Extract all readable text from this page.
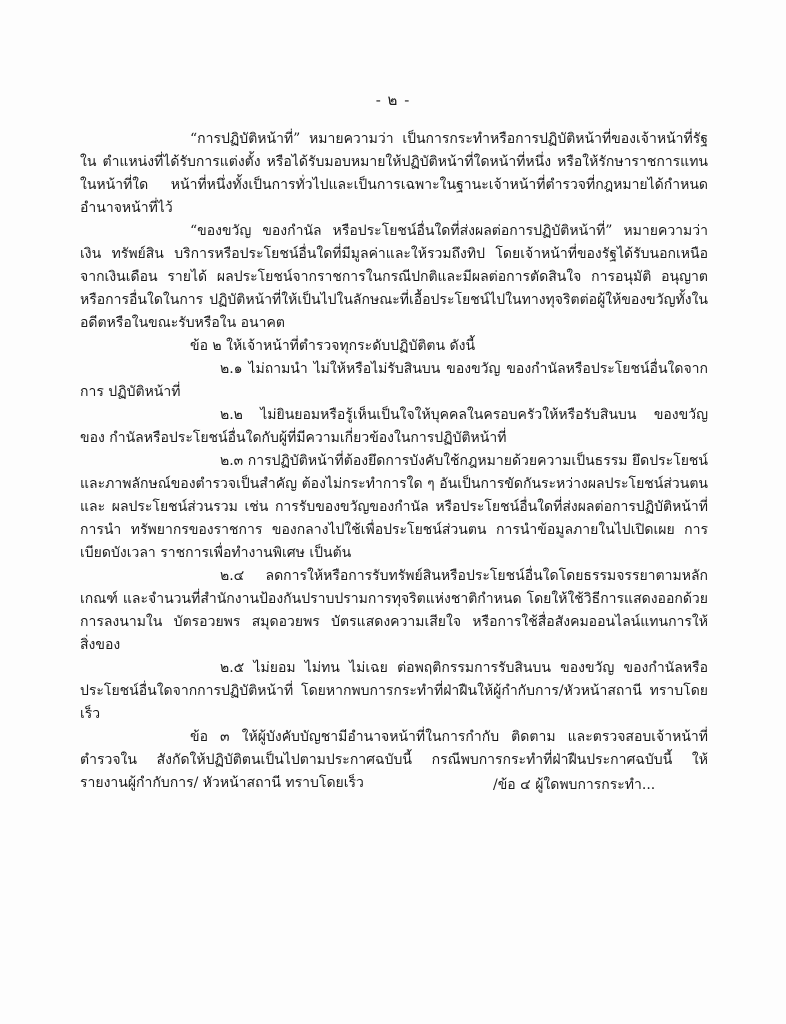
- ๒ -

“การปฏิบัติหน้าที่” หมายความว่า เป็นการกระทำหรือการปฏิบัติหน้าที่ของเจ้าหน้าที่รัฐใน ตำแหน่งที่ได้รับการแต่งตั้ง หรือได้รับมอบหมายให้ปฏิบัติหน้าที่ใดหน้าที่หนึ่ง หรือให้รักษาราชการแทนในหน้าที่ใด หน้าที่หนึ่งทั้งเป็นการทั่วไปและเป็นการเฉพาะในฐานะเจ้าหน้าที่ตำรวจที่กฎหมายได้กำหนดอำนาจหน้าที่ไว้

“ของขวัญ ของกำนัล หรือประโยชน์อื่นใดที่ส่งผลต่อการปฏิบัติหน้าที่” หมายความว่า เงิน ทรัพย์สิน บริการหรือประโยชน์อื่นใดที่มีมูลค่าและให้รวมถึงทิป โดยเจ้าหน้าที่ของรัฐได้รับนอกเหนือจากเงินเดือน รายได้ ผลประโยชน์จากราชการในกรณีปกติและมีผลต่อการตัดสินใจ การอนุมัติ อนุญาต หรือการอื่นใดในการ ปฏิบัติหน้าที่ให้เป็นไปในลักษณะที่เอื้อประโยชน์ไปในทางทุจริตต่อผู้ให้ของขวัญทั้งในอดีตหรือในขณะรับหรือใน อนาคต

ข้อ ๒ ให้เจ้าหน้าที่ตำรวจทุกระดับปฏิบัติตน ดังนี้

๒.๑ ไม่ถามนำ ไม่ให้หรือไม่รับสินบน ของขวัญ ของกำนัลหรือประโยชน์อื่นใดจากการ ปฏิบัติหน้าที่

๒.๒ ไม่ยินยอมหรือรู้เห็นเป็นใจให้บุคคลในครอบครัวให้หรือรับสินบน ของขวัญ ของ กำนัลหรือประโยชน์อื่นใดกับผู้ที่มีความเกี่ยวข้องในการปฏิบัติหน้าที่

๒.๓ การปฏิบัติหน้าที่ต้องยึดการบังคับใช้กฎหมายด้วยความเป็นธรรม ยึดประโยชน์ และภาพลักษณ์ของตำรวจเป็นสำคัญ ต้องไม่กระทำการใด ๆ อันเป็นการขัดกันระหว่างผลประโยชน์ส่วนตนและ ผลประโยชน์ส่วนรวม เช่น การรับของขวัญของกำนัล หรือประโยชน์อื่นใดที่ส่งผลต่อการปฏิบัติหน้าที่การนำ ทรัพยากรของราชการ ของกลางไปใช้เพื่อประโยชน์ส่วนตน การนำข้อมูลภายในไปเปิดเผย การเบียดบังเวลา ราชการเพื่อทำงานพิเศษ เป็นต้น

๒.๔ ลดการให้หรือการรับทรัพย์สินหรือประโยชน์อื่นใดโดยธรรมจรรยาตามหลักเกณฑ์ และจำนวนที่สำนักงานป้องกันปราบปรามการทุจริตแห่งชาติกำหนด โดยให้ใช้วิธีการแสดงออกด้วยการลงนามใน บัตรอวยพร สมุดอวยพร บัตรแสดงความเสียใจ หรือการใช้สื่อสังคมออนไลน์แทนการให้สิ่งของ

๒.๕ ไม่ยอม ไม่ทน ไม่เฉย ต่อพฤติกรรมการรับสินบน ของขวัญ ของกำนัลหรือ ประโยชน์อื่นใดจากการปฏิบัติหน้าที่ โดยหากพบการกระทำที่ฝ่าฝืนให้ผู้กำกับการ/หัวหน้าสถานี ทราบโดยเร็ว

ข้อ ๓ ให้ผู้บังคับบัญชามีอำนาจหน้าที่ในการกำกับ ติดตาม และตรวจสอบเจ้าหน้าที่ตำรวจใน สังกัดให้ปฏิบัติตนเป็นไปตามประกาศฉบับนี้ กรณีพบการกระทำที่ฝ่าฝืนประกาศฉบับนี้ ให้รายงานผู้กำกับการ/ หัวหน้าสถานี ทราบโดยเร็ว	/ข้อ ๔ ผู้ใดพบการกระทำ...
